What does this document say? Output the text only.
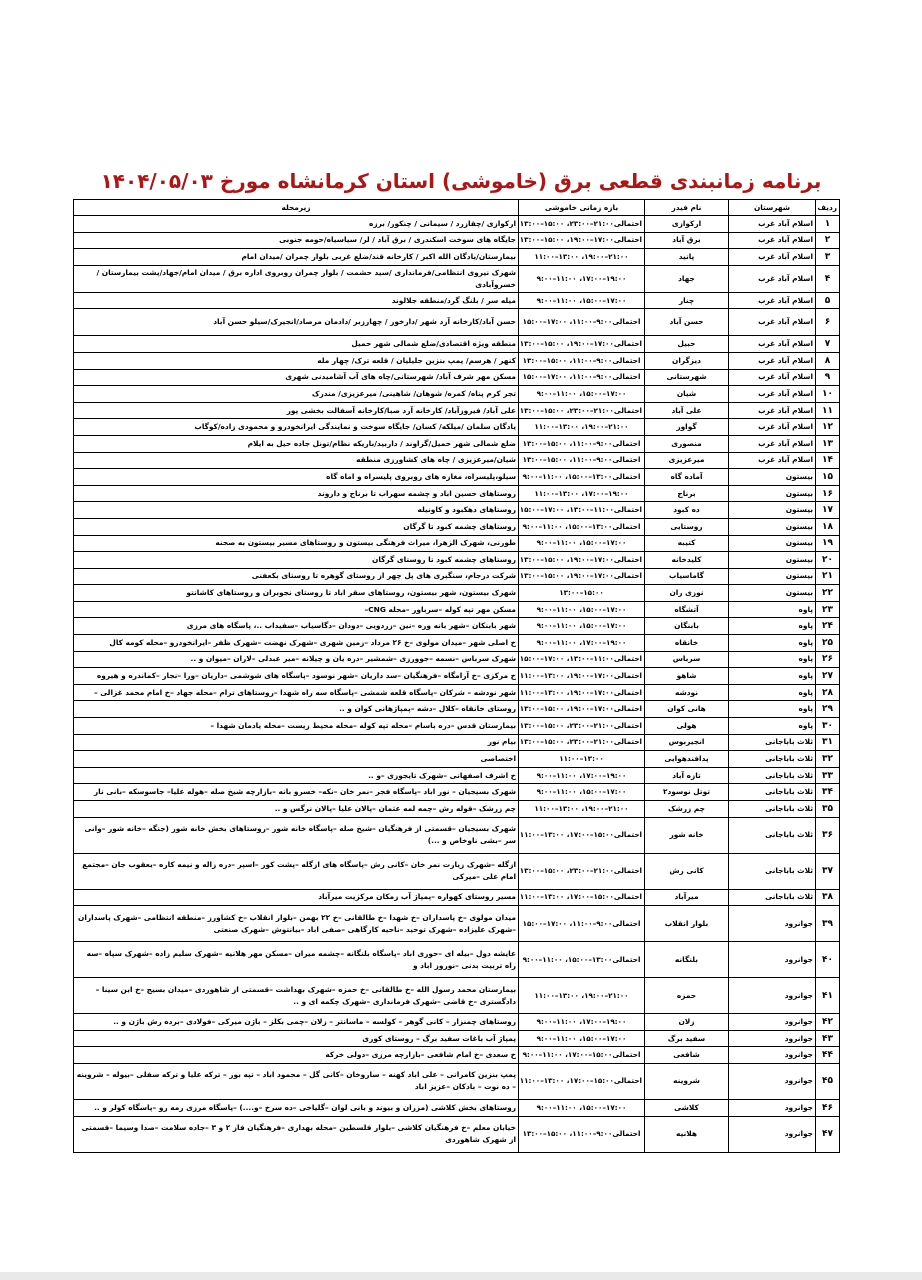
برنامه زمانبندی قطعی برق (خاموشی) استان کرمانشاه مورخ ۱۴۰۴/۰۵/۰۳
ردیف	شهرستان	نام فیدر	بازه زمانی خاموشی	زیرمحله
۱	اسلام آباد غرب	ارکوازی	احتمالی۲۱:۰۰–۲۳:۰۰، ۱۵:۰۰–۱۳:۰۰	ارکوازی /چقازرد / سیمانی / چنکور/ برزه
۲	اسلام آباد غرب	برق آباد	احتمالی۱۷:۰۰–۱۹:۰۰، ۱۵:۰۰–۱۳:۰۰	جایگاه های سوخت اسکندری / برق آباد / لر/ سیاسیاه/حومه جنوبی
۳	اسلام آباد غرب	پانید	۲۱:۰۰–۱۹:۰۰، ۱۳:۰۰–۱۱:۰۰	بیمارستان/یادگان الله اکبر / کارخانه قند/ضلع غربی بلوار چمران /میدان امام
۴	اسلام آباد غرب	جهاد	۱۹:۰۰–۱۷:۰۰، ۱۱:۰۰–۹:۰۰	شهرک نیروی انتظامی/فرمانداری /سید حشمت / بلوار چمران روبروی اداره برق / میدان امام/جهاد/پشت بیمارستان / خسروآبادی
۵	اسلام آباد غرب	چنار	۱۷:۰۰–۱۵:۰۰، ۱۱:۰۰–۹:۰۰	میله سر / بلنگ گرد/منطقه جلالوند
۶	اسلام آباد غرب	حسن آباد	احتمالی۹:۰۰–۱۱:۰۰، ۱۷:۰۰–۱۵:۰۰	حسن آباد/کارخانه آرد شهر /دارخور / چهارزبر /دادمان مرصاد/انجیرک/سیلو حسن آباد
۷	اسلام آباد غرب	حبیل	احتمالی۱۷:۰۰–۱۹:۰۰، ۱۵:۰۰–۱۳:۰۰	منطقه ویژه اقتصادی/ضلع شمالی شهر حمیل
۸	اسلام آباد غرب	دیزگران	احتمالی۹:۰۰–۱۱:۰۰، ۱۵:۰۰–۱۳:۰۰	کنهر / هرسم/ پمپ بنزین جلیلیان / قلعه ترک/ چهار مله
۹	اسلام آباد غرب	شهرستانی	احتمالی۹:۰۰–۱۱:۰۰، ۱۷:۰۰–۱۵:۰۰	مسکن مهر شرف آباد/ شهرستانی/چاه های آب آشامیدنی شهری
۱۰	اسلام آباد غرب	شیان	۱۷:۰۰–۱۵:۰۰، ۱۱:۰۰–۹:۰۰	تجر کرم پناه/ کمره/ شوهان/ شاهینی/ میرعزیزی/ مندرک
۱۱	اسلام آباد غرب	علی آباد	احتمالی۲۱:۰۰–۲۳:۰۰، ۱۵:۰۰–۱۳:۰۰	علی آباد/ فیروزآباد/ کارخانه آرد صبا/کارخانه آسفالت بخشی پور
۱۲	اسلام آباد غرب	گواور	۲۱:۰۰–۱۹:۰۰، ۱۳:۰۰–۱۱:۰۰	یادگان سلمان /میلکه/ کسان/ جایگاه سوخت و نمایندگی ایرانخودرو و محمودی زاده/کوگاب
۱۳	اسلام آباد غرب	منصوری	احتمالی۹:۰۰–۱۱:۰۰، ۱۵:۰۰–۱۳:۰۰	ضلع شمالی شهر حمیل/گراوند / داربید/باریکه نظام/تونل جاده حیل به ایلام
۱۴	اسلام آباد غرب	میرعزیزی	احتمالی۹:۰۰–۱۱:۰۰، ۱۵:۰۰–۱۳:۰۰	شیان/میرعزیزی / چاه های کشاورزی منطقه
۱۵	بیستون	آماده گاه	احتمالی۱۳:۰۰–۱۵:۰۰، ۱۱:۰۰–۹:۰۰	سیلو،پلیسراه، مغازه های روبروی پلیسراه و اماه گاه
۱۶	بیستون	برناج	۱۹:۰۰–۱۷:۰۰، ۱۳:۰۰–۱۱:۰۰	روستاهای حسین اباد و چشمه سهراب تا برناج و داروند
۱۷	بیستون	ده کبود	احتمالی۱۱:۰۰–۱۳:۰۰، ۱۷:۰۰–۱۵:۰۰	روستاهای دهکبود و کاونیله
۱۸	بیستون	روستایی	احتمالی۱۳:۰۰–۱۵:۰۰، ۱۱:۰۰–۹:۰۰	روستاهای چشمه کبود تا گرگان
۱۹	بیستون	کتیبه	۱۷:۰۰–۱۵:۰۰، ۱۱:۰۰–۹:۰۰	طورنی، شهرک الزهرا، میراث فرهنگی بیستون و روستاهای مسیر بیستون به صحنه
۲۰	بیستون	کلیدخانه	احتمالی۱۷:۰۰–۱۹:۰۰، ۱۵:۰۰–۱۳:۰۰	روستاهای چشمه کبود تا روستای گرگان
۲۱	بیستون	گاماسیاب	احتمالی۱۷:۰۰–۱۹:۰۰، ۱۵:۰۰–۱۳:۰۰	شرکت درجام، سنگبری های پل چهر از روستای گوهره تا روستای بکعفنی
۲۲	بیستون	نوزی ران	۱۵:۰۰–۱۳:۰۰	شهرک بیستون، شهر بیستون، روستاهای سقر اباد تا روستای نجوبران و روستاهای کاشانتو
۲۳	پاوه	آتشگاه	۱۷:۰۰–۱۵:۰۰، ۱۱:۰۰–۹:۰۰	مسکن مهر تپه کوله –سرباور –محله CNG–
۲۴	پاوه	بابنگان	۱۷:۰۰–۱۵:۰۰، ۱۱:۰۰–۹:۰۰	شهر بابنکان –شهر بانه وره –نین –زردویی –دودان –دگاسیاب –سفیداب ..، پاسگاه های مرزی
۲۵	پاوه	خانقاه	۱۹:۰۰–۱۷:۰۰، ۱۱:۰۰–۹:۰۰	خ اصلی شهر –میدان مولوی –خ ۲۶ مرداد –زمین شهری –شهرک نهضت –شهرک ظفر –ایرانخودرو –محله کومه کال
۲۶	پاوه	سرباس	احتمالی۱۱:۰۰–۱۳:۰۰، ۱۷:۰۰–۱۵:۰۰	شهرک سرباس –نسمه –جوورزی –شمشیر –دره یان و چیلانه –میر عبدلی –لاران –میوان و ..
۲۷	پاوه	شاهو	احتمالی۱۷:۰۰–۱۹:۰۰، ۱۳:۰۰–۱۱:۰۰	خ مرکزی –خ آرامگاه –فرهنگیان –سد داریان –شهر نوسود –پاسگاه های شوشمی –داریان –ورا –نجار –کماندره و هیروه
۲۸	پاوه	نودشه	احتمالی۱۷:۰۰–۱۹:۰۰، ۱۳:۰۰–۱۱:۰۰	شهر نودشه – شرکان –پاسگاه قلعه شمشی –پاسگاه سه راه شهدا –روستاهای ترام –محله جهاد –خ امام محمد غزالی –
۲۹	پاوه	هانی کوان	احتمالی۱۷:۰۰–۱۹:۰۰، ۱۵:۰۰–۱۳:۰۰	روستای خانقاه –کلال –دشه –پمپاژهانی کوان و ..
۳۰	پاوه	هولی	احتمالی۲۱:۰۰–۲۳:۰۰، ۱۵:۰۰–۱۳:۰۰	بیمارستان قدس –دره باسام –محله تپه کوله –محله محیط زیست –محله یادمان شهدا –
۳۱	ثلاث باباجانی	انجیربوس	احتمالی۲۱:۰۰–۲۳:۰۰، ۱۵:۰۰–۱۳:۰۰	بیام نور
۳۲	ثلاث باباجانی	پدافندهوایی	۱۳:۰۰–۱۱:۰۰	اختصاصی
۳۳	ثلاث باباجانی	تازه آباد	۱۹:۰۰–۱۷:۰۰، ۱۱:۰۰–۹:۰۰	خ اشرف اصفهانی –شهرک تایجوزی –و ..
۳۴	ثلاث باباجانی	توتل نوسود۲	۱۷:۰۰–۱۵:۰۰، ۱۱:۰۰–۹:۰۰	شهرک بسیجیان – نور اباد –پاسگاه فجر –نمر خان –نکه– خسرو بانه –بازارچه شیخ صله –هوله علیا– جاسوسکه –بانی نار
۳۵	ثلاث باباجانی	چم زرشک	۲۱:۰۰–۱۹:۰۰، ۱۳:۰۰–۱۱:۰۰	چم زرشک –قوله رش –چمه لمه عثمان –پالان علیا –پالان نرگس و ..
۳۶	ثلاث باباجانی	خانه شور	احتمالی۱۵:۰۰–۱۷:۰۰، ۱۳:۰۰–۱۱:۰۰	شهرک بسیجیان –قسمتی از فرهنگیان –شیخ صله –پاسگاه خانه شور –روستاهای بخش خانه شور (جنگه –خانه شور –وانی سر –بشی ناوخاص و ...)
۳۷	ثلاث باباجانی	کانی رش	احتمالی۲۱:۰۰–۲۳:۰۰، ۱۵:۰۰–۱۳:۰۰	ازگله –شهرک زیارت نمر خان –کانی رش –پاسگاه های ازگله –پشت کور –اسپر –دره زاله و نیمه کاره –یعقوب جان –مجتمع امام علی –میرکی
۳۸	ثلاث باباجانی	میرآباد	احتمالی۱۵:۰۰–۱۷:۰۰، ۱۳:۰۰–۱۱:۰۰	مسیر روستای کهواره –پمپاژ آب زمکان مرکزیت میرآباد
۳۹	جوانرود	بلوار انقلاب	احتمالی۹:۰۰–۱۱:۰۰، ۱۷:۰۰–۱۵:۰۰	میدان مولوی –خ پاسداران –خ شهدا –خ طالقانی –خ ۲۲ بهمن –بلوار انقلاب –خ کشاورز –منطقه انتظامی –شهرک پاسداران –شهرک علیزاده –شهرک توحید –ناحیه کارگاهی –صفی اباد –بیانتوش –شهرک صنعتی
۴۰	جوانرود	بلنگانه	احتمالی۱۳:۰۰–۱۵:۰۰، ۱۱:۰۰–۹:۰۰	عایشه دول –بیله ای –حوری اباد –پاسگاه بلنگانه –چشمه میران –مسکن مهر هلانیه –شهرک سلیم زاده –شهرک سپاه –سه راه تربیت بدنی –نوروز اباد و
۴۱	جوانرود	حمزه	۲۱:۰۰–۱۹:۰۰، ۱۳:۰۰–۱۱:۰۰	بیمارستان محمد رسول الله –خ طالقانی –خ حمزه –شهرک بهداشت –قسمتی از شاهوردی –میدان بسیج –خ ابن سینا –دادگستری –خ قاضی –شهرک فرمانداری –شهرک چکمه ای و ..
۴۲	جوانرود	زلان	۱۹:۰۰–۱۷:۰۰، ۱۱:۰۰–۹:۰۰	روستاهای چمنزار – کانی گوهر – کولسه – ماسانتر – زلان –چمی بکلز – باژن میرکی –فولادی –برده رش باژن و ..
۴۳	جوانرود	سفید برگ	۱۷:۰۰–۱۵:۰۰، ۱۱:۰۰–۹:۰۰	پمپاژ آب باغات سفید برگ – روستای کوری
۴۴	جوانرود	شافعی	احتمالی۱۵:۰۰–۱۷:۰۰، ۱۱:۰۰–۹:۰۰	خ سعدی –خ امام شافعی –بازارچه مرزی –دولی خرکه
۴۵	جوانرود	شروینه	احتمالی۱۵:۰۰–۱۷:۰۰، ۱۳:۰۰–۱۱:۰۰	پمپ بنزین کامرانی – علی اباد کهنه – ساروخان –کانی گل – محمود اباد – تپه بور – ترکه علیا و ترکه سفلی –بیوله – شروینه – ده نوت – بادکان –عزیز اباد
۴۶	جوانرود	کلاشی	۱۷:۰۰–۱۵:۰۰، ۱۱:۰۰–۹:۰۰	روستاهای بخش کلاشی (مزران و بیوند و بانی لوان –گلیاخی –ده سرخ –و....) –پاسگاه مرزی رمه رو –پاسگاه کولر و ..
۴۷	جوانرود	هلانیه	احتمالی۹:۰۰–۱۱:۰۰، ۱۵:۰۰–۱۳:۰۰	خیابان معلم –خ فرهنگیان کلاشی –بلوار فلسطین –محله بهداری –فرهنگیان فاز ۲ و ۳ –جاده سلامت –صدا وسیما –قسمتی از شهرک شاهوردی
